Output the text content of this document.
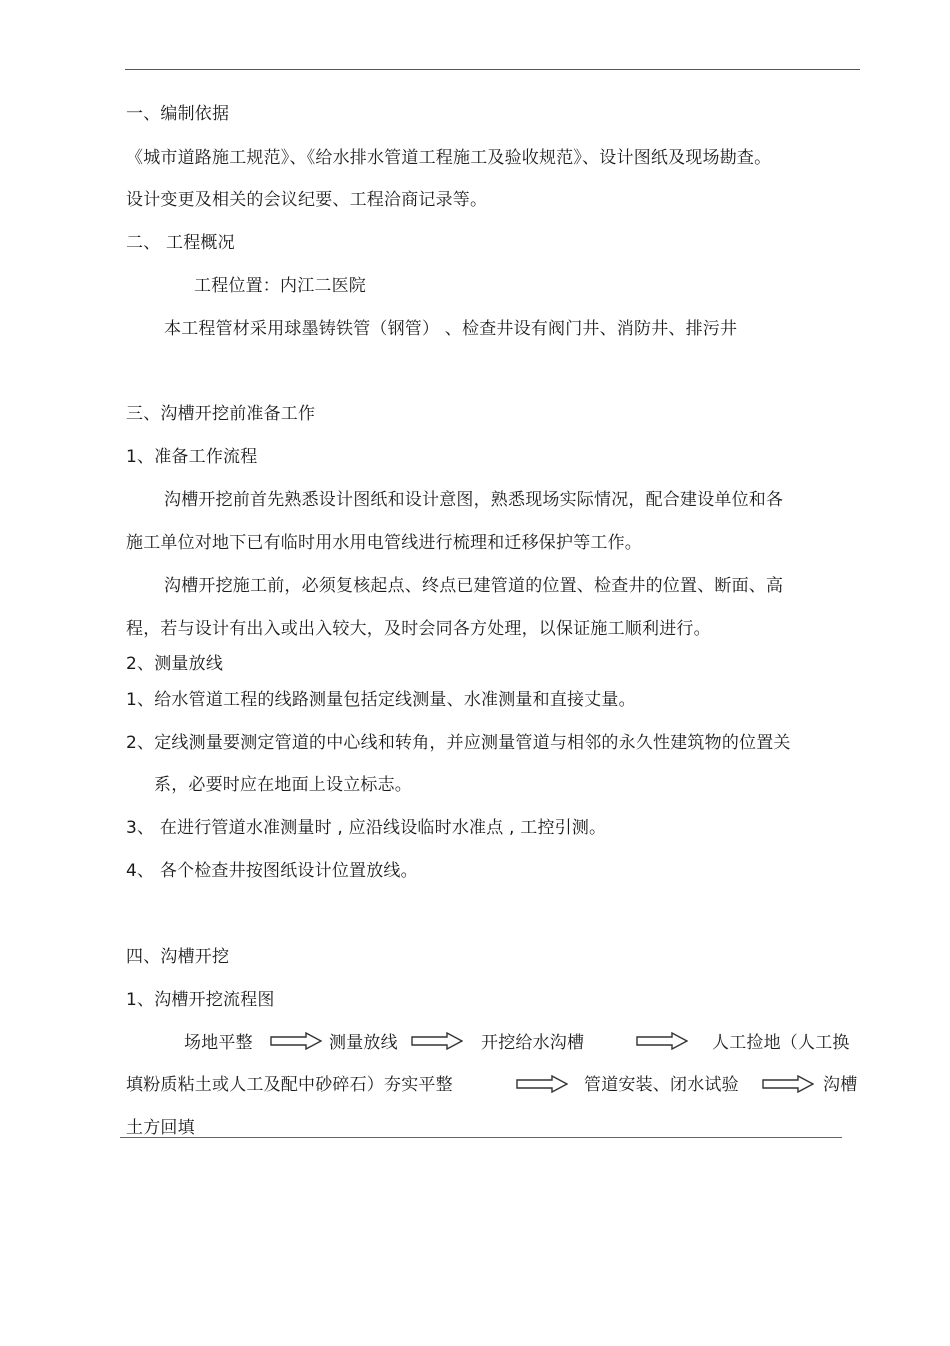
一、编制依据
《城市道路施工规范》、《给水排水管道工程施工及验收规范》、设计图纸及现场勘查。
设计变更及相关的会议纪要、工程洽商记录等。
二、 工程概况
工程位置：内江二医院
本工程管材采用球墨铸铁管（钢管） 、检查井设有阀门井、消防井、排污井
三、沟槽开挖前准备工作
1、准备工作流程
沟槽开挖前首先熟悉设计图纸和设计意图，熟悉现场实际情况，配合建设单位和各
施工单位对地下已有临时用水用电管线进行梳理和迁移保护等工作。
沟槽开挖施工前，必须复核起点、终点已建管道的位置、检查井的位置、断面、高
程，若与设计有出入或出入较大，及时会同各方处理，以保证施工顺利进行。
2、测量放线
1、给水管道工程的线路测量包括定线测量、水准测量和直接丈量。
2、定线测量要测定管道的中心线和转角，并应测量管道与相邻的永久性建筑物的位置关
系，必要时应在地面上设立标志。
3、 在进行管道水准测量时 , 应沿线设临时水准点 , 工控引测。
4、 各个检查井按图纸设计位置放线。
四、沟槽开挖
1、沟槽开挖流程图
场地平整	测量放线	开挖给水沟槽	人工捡地（人工换
填粉质粘土或人工及配中砂碎石）夯实平整	管道安装、闭水试验	沟槽
土方回填
